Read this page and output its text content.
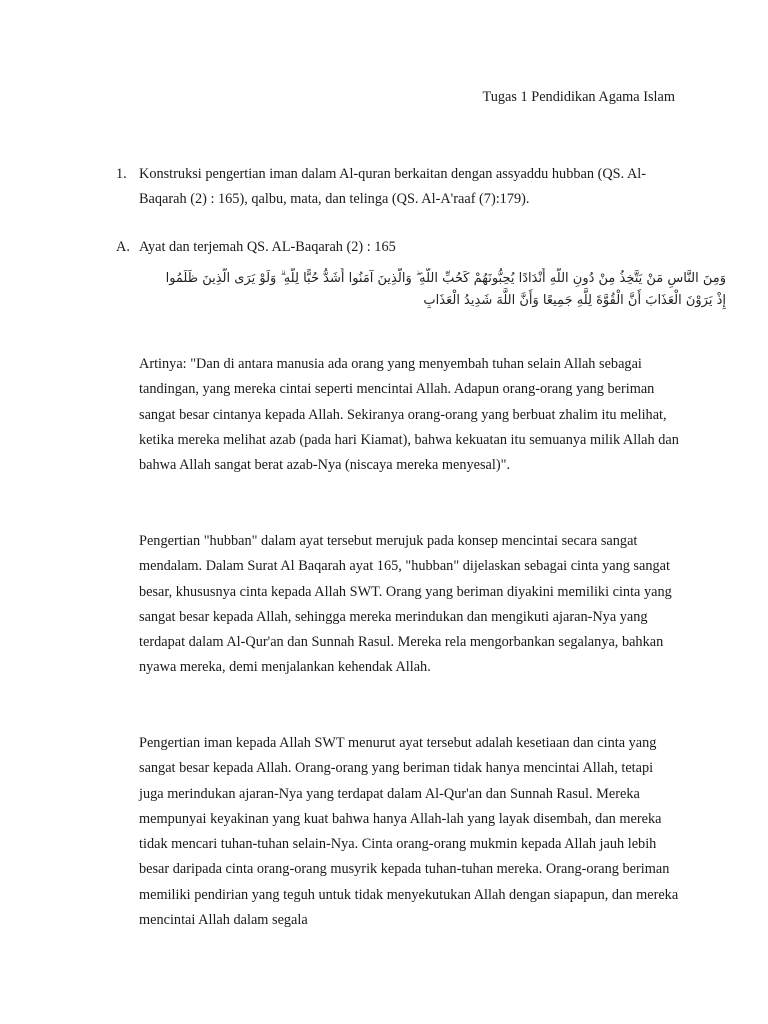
Tugas 1 Pendidikan Agama Islam
1. Konstruksi pengertian iman dalam Al-quran berkaitan dengan assyaddu hubban (QS. Al- Baqarah (2) : 165), qalbu, mata, dan telinga (QS. Al-A'raaf (7):179).
A. Ayat dan terjemah QS. AL-Baqarah (2) : 165
وَمِنَ النَّاسِ مَنْ يَتَّخِذُ مِنْ دُونِ اللَّهِ أَنْدَادًا يُحِبُّونَهُمْ كَحُبِّ اللَّهِ ۖ وَالَّذِينَ آمَنُوا أَشَدُّ حُبًّا لِلَّهِ ۗ وَلَوْ يَرَى الَّذِينَ ظَلَمُوا إِذْ يَرَوْنَ الْعَذَابَ أَنَّ الْقُوَّةَ لِلَّهِ جَمِيعًا وَأَنَّ اللَّهَ شَدِيدُ الْعَذَابِ

Artinya: "Dan di antara manusia ada orang yang menyembah tuhan selain Allah sebagai tandingan, yang mereka cintai seperti mencintai Allah. Adapun orang-orang yang beriman sangat besar cintanya kepada Allah. Sekiranya orang-orang yang berbuat zhalim itu melihat, ketika mereka melihat azab (pada hari Kiamat), bahwa kekuatan itu semuanya milik Allah dan bahwa Allah sangat berat azab-Nya (niscaya mereka menyesal)".

Pengertian "hubban" dalam ayat tersebut merujuk pada konsep mencintai secara sangat mendalam. Dalam Surat Al Baqarah ayat 165, "hubban" dijelaskan sebagai cinta yang sangat besar, khususnya cinta kepada Allah SWT. Orang yang beriman diyakini memiliki cinta yang sangat besar kepada Allah, sehingga mereka merindukan dan mengikuti ajaran-Nya yang terdapat dalam Al-Qur'an dan Sunnah Rasul. Mereka rela mengorbankan segalanya, bahkan nyawa mereka, demi menjalankan kehendak Allah.

Pengertian iman kepada Allah SWT menurut ayat tersebut adalah kesetiaan dan cinta yang sangat besar kepada Allah. Orang-orang yang beriman tidak hanya mencintai Allah, tetapi juga merindukan ajaran-Nya yang terdapat dalam Al-Qur'an dan Sunnah Rasul. Mereka mempunyai keyakinan yang kuat bahwa hanya Allah-lah yang layak disembah, dan mereka tidak mencari tuhan-tuhan selain-Nya. Cinta orang-orang mukmin kepada Allah jauh lebih besar daripada cinta orang-orang musyrik kepada tuhan-tuhan mereka. Orang-orang beriman memiliki pendirian yang teguh untuk tidak menyekutukan Allah dengan siapapun, dan mereka mencintai Allah dalam segala
